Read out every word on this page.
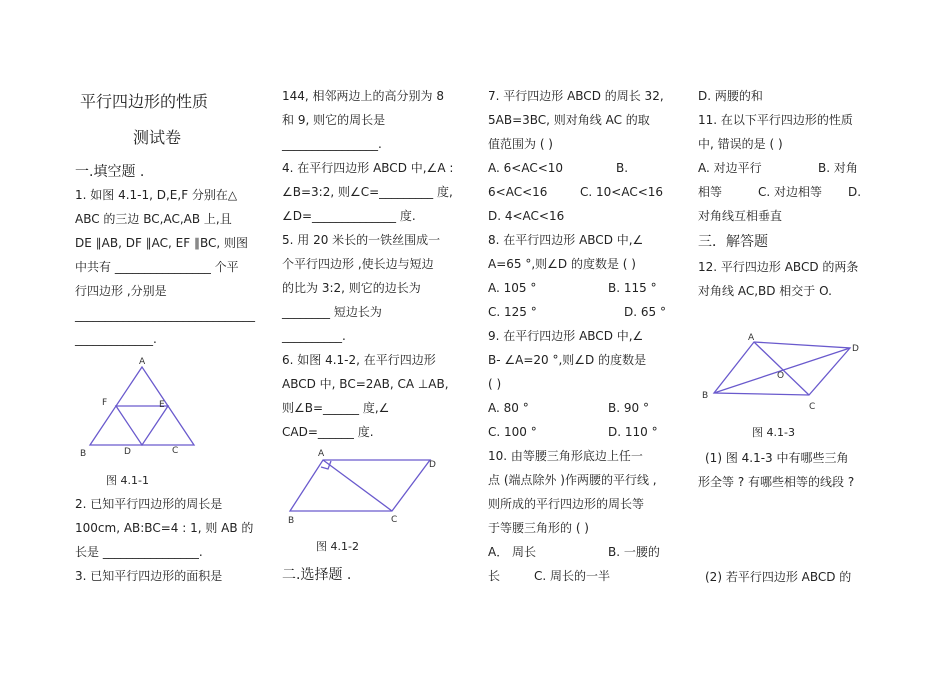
平行四边形的性质
测试卷
一.填空题 .
1. 如图 4.1-1, D,E,F 分别在△
ABC 的三边 BC,AC,AB 上,且
DE ∥AB, DF ∥AC, EF ∥BC, 则图
中共有 ________________ 个平
行四边形 ,分别是
______________________________
_____________.
A
F	E
B	D	C
图 4.1-1
2. 已知平行四边形的周长是
100cm, AB:BC=4 : 1, 则 AB 的
长是 ________________.
3. 已知平行四边形的面积是
144, 相邻两边上的高分别为 8
和 9, 则它的周长是
________________.
4. 在平行四边形 ABCD 中,∠A :
∠B=3:2, 则∠C=_________ 度,
∠D=______________ 度.
5. 用 20 米长的一铁丝围成一
个平行四边形 ,使长边与短边
的比为 3:2, 则它的边长为
________ 短边长为
__________.
6. 如图 4.1-2, 在平行四边形
ABCD 中, BC=2AB, CA ⊥AB,
则∠B=______ 度,∠
CAD=______ 度.
A
D
B	C
图 4.1-2
二.选择题 .
7. 平行四边形 ABCD 的周长 32,
5AB=3BC, 则对角线 AC 的取
值范围为 ( )
A. 6<AC<10	B.
6<AC<16	C. 10<AC<16
D. 4<AC<16
8. 在平行四边形 ABCD 中,∠
A=65 °,则∠D 的度数是 ( )
A. 105 °	B. 115 °
C. 125 °	D. 65 °
9. 在平行四边形 ABCD 中,∠
B- ∠A=20 °,则∠D 的度数是
( )
A. 80 °	B. 90 °
C. 100 °	D. 110 °
10. 由等腰三角形底边上任一
点 (端点除外 )作两腰的平行线 ,
则所成的平行四边形的周长等
于等腰三角形的 ( )
A． 周长	B. 一腰的
长	C. 周长的一半
D. 两腰的和
11. 在以下平行四边形的性质
中, 错误的是 ( )
A. 对边平行	B. 对角
相等	C. 对边相等 D.
对角线互相垂直
三．解答题
12. 平行四边形 ABCD 的两条
对角线 AC,BD 相交于 O.
A
D
O
B
C
图 4.1-3
(1) 图 4.1-3 中有哪些三角
形全等 ? 有哪些相等的线段 ?
(2) 若平行四边形 ABCD 的
